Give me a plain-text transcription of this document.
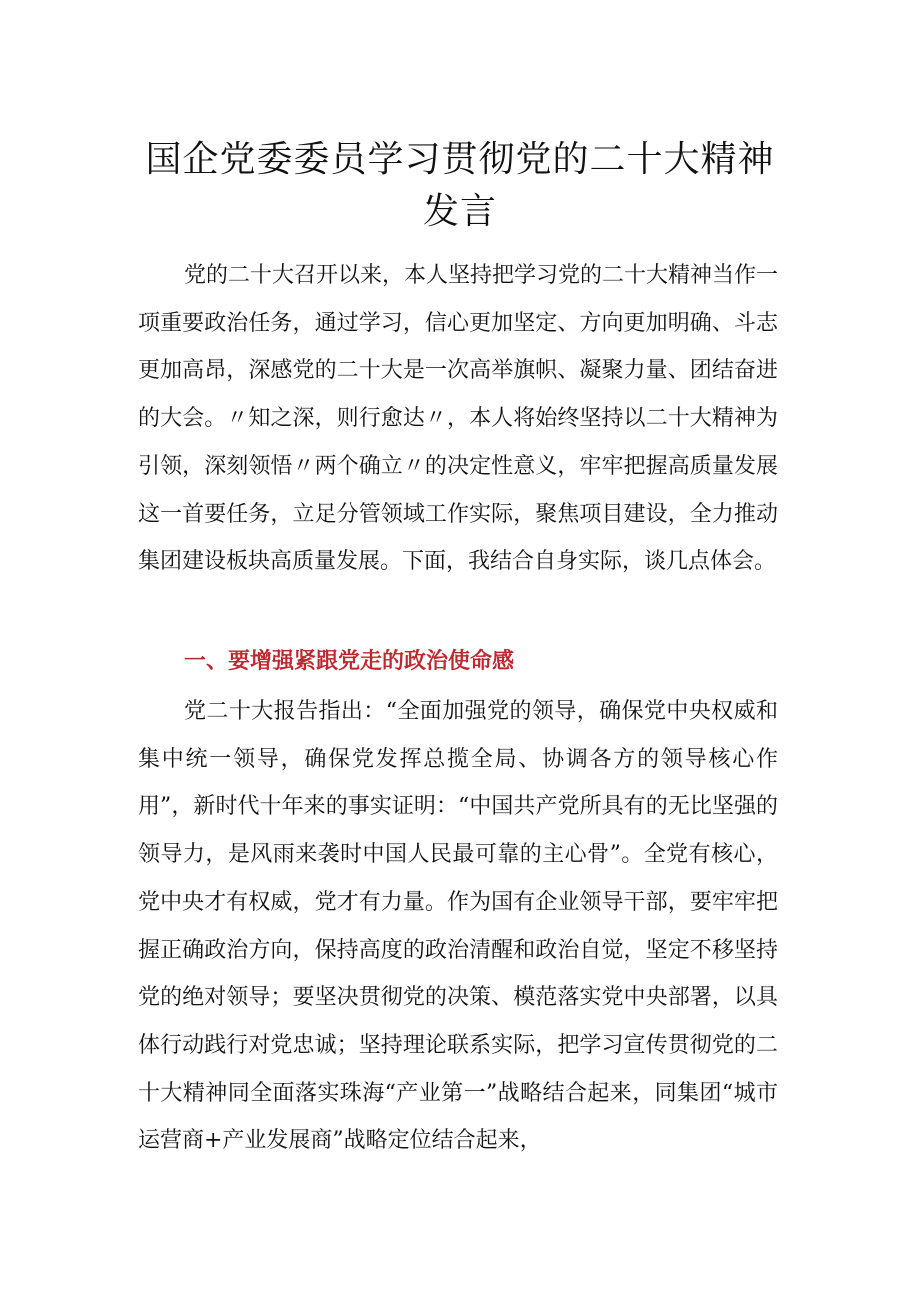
国企党委委员学习贯彻党的二十大精神
发言

党的二十大召开以来，本人坚持把学习党的二十大精神当作一项重要政治任务，通过学习，信心更加坚定、方向更加明确、斗志更加高昂，深感党的二十大是一次高举旗帜、凝聚力量、团结奋进的大会。〃知之深，则行愈达〃，本人将始终坚持以二十大精神为引领，深刻领悟〃两个确立〃的决定性意义，牢牢把握高质量发展这一首要任务，立足分管领域工作实际，聚焦项目建设，全力推动集团建设板块高质量发展。下面，我结合自身实际，谈几点体会。

一、要增强紧跟党走的政治使命感

党二十大报告指出：“全面加强党的领导，确保党中央权威和集中统一领导，确保党发挥总揽全局、协调各方的领导核心作用”，新时代十年来的事实证明：“中国共产党所具有的无比坚强的领导力，是风雨来袭时中国人民最可靠的主心骨”。全党有核心，党中央才有权威，党才有力量。作为国有企业领导干部，要牢牢把握正确政治方向，保持高度的政治清醒和政治自觉，坚定不移坚持党的绝对领导；要坚决贯彻党的决策、模范落实党中央部署，以具体行动践行对党忠诚；坚持理论联系实际，把学习宣传贯彻党的二十大精神同全面落实珠海“产业第一”战略结合起来，同集团“城市运营商+产业发展商”战略定位结合起来，
